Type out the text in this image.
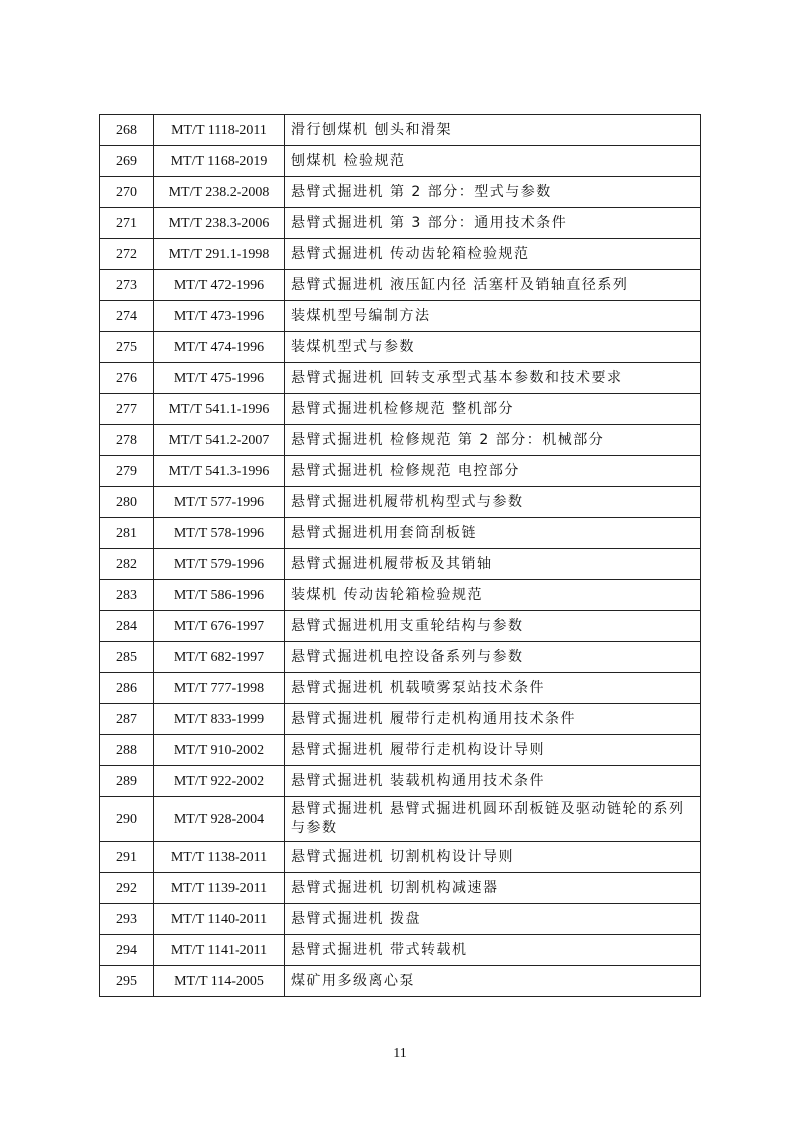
268	MT/T 1118-2011	滑行刨煤机 刨头和滑架
269	MT/T 1168-2019	刨煤机 检验规范
270	MT/T 238.2-2008	悬臂式掘进机 第 2 部分：型式与参数
271	MT/T 238.3-2006	悬臂式掘进机 第 3 部分：通用技术条件
272	MT/T 291.1-1998	悬臂式掘进机 传动齿轮箱检验规范
273	MT/T 472-1996	悬臂式掘进机 液压缸内径 活塞杆及销轴直径系列
274	MT/T 473-1996	装煤机型号编制方法
275	MT/T 474-1996	装煤机型式与参数
276	MT/T 475-1996	悬臂式掘进机 回转支承型式基本参数和技术要求
277	MT/T 541.1-1996	悬臂式掘进机检修规范 整机部分
278	MT/T 541.2-2007	悬臂式掘进机 检修规范 第 2 部分：机械部分
279	MT/T 541.3-1996	悬臂式掘进机 检修规范 电控部分
280	MT/T 577-1996	悬臂式掘进机履带机构型式与参数
281	MT/T 578-1996	悬臂式掘进机用套筒刮板链
282	MT/T 579-1996	悬臂式掘进机履带板及其销轴
283	MT/T 586-1996	装煤机 传动齿轮箱检验规范
284	MT/T 676-1997	悬臂式掘进机用支重轮结构与参数
285	MT/T 682-1997	悬臂式掘进机电控设备系列与参数
286	MT/T 777-1998	悬臂式掘进机 机载喷雾泵站技术条件
287	MT/T 833-1999	悬臂式掘进机 履带行走机构通用技术条件
288	MT/T 910-2002	悬臂式掘进机 履带行走机构设计导则
289	MT/T 922-2002	悬臂式掘进机 装载机构通用技术条件
290	MT/T 928-2004	悬臂式掘进机 悬臂式掘进机圆环刮板链及驱动链轮的系列与参数
291	MT/T 1138-2011	悬臂式掘进机 切割机构设计导则
292	MT/T 1139-2011	悬臂式掘进机 切割机构减速器
293	MT/T 1140-2011	悬臂式掘进机 拨盘
294	MT/T 1141-2011	悬臂式掘进机 带式转载机
295	MT/T 114-2005	煤矿用多级离心泵
11
